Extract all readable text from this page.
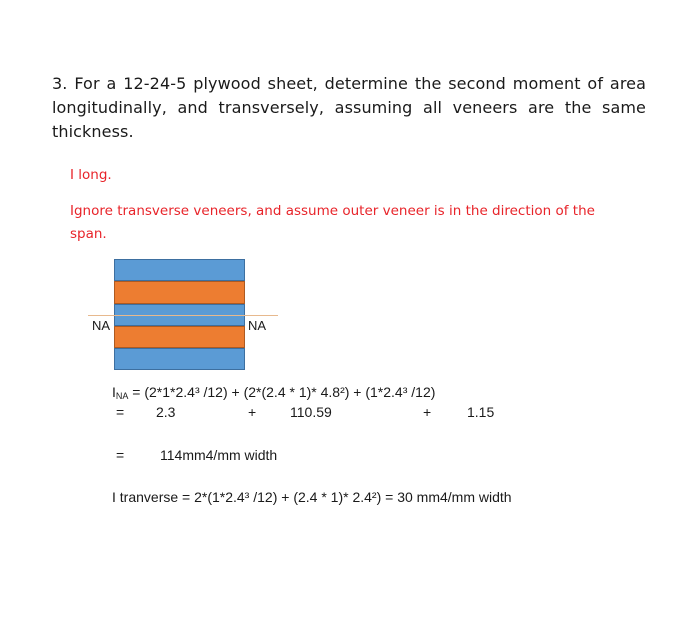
3. For a 12-24-5 plywood sheet, determine the second moment of area longitudinally, and transversely, assuming all veneers are the same thickness.

I long.
Ignore transverse veneers, and assume outer veneer is in the direction of the span.
NA	NA
$I_{NA} = (2*1*2.4^3$ /12) + (2*(2.4 * 1)* 4.8²) + (1*2.4³ /12)
= 2.3	+ 110.59	+	1.15
=	114mm4/mm width
I tranverse = 2*(1*2.4³ /12) + (2.4 * 1)* 2.4²) = 30 mm4/mm width
